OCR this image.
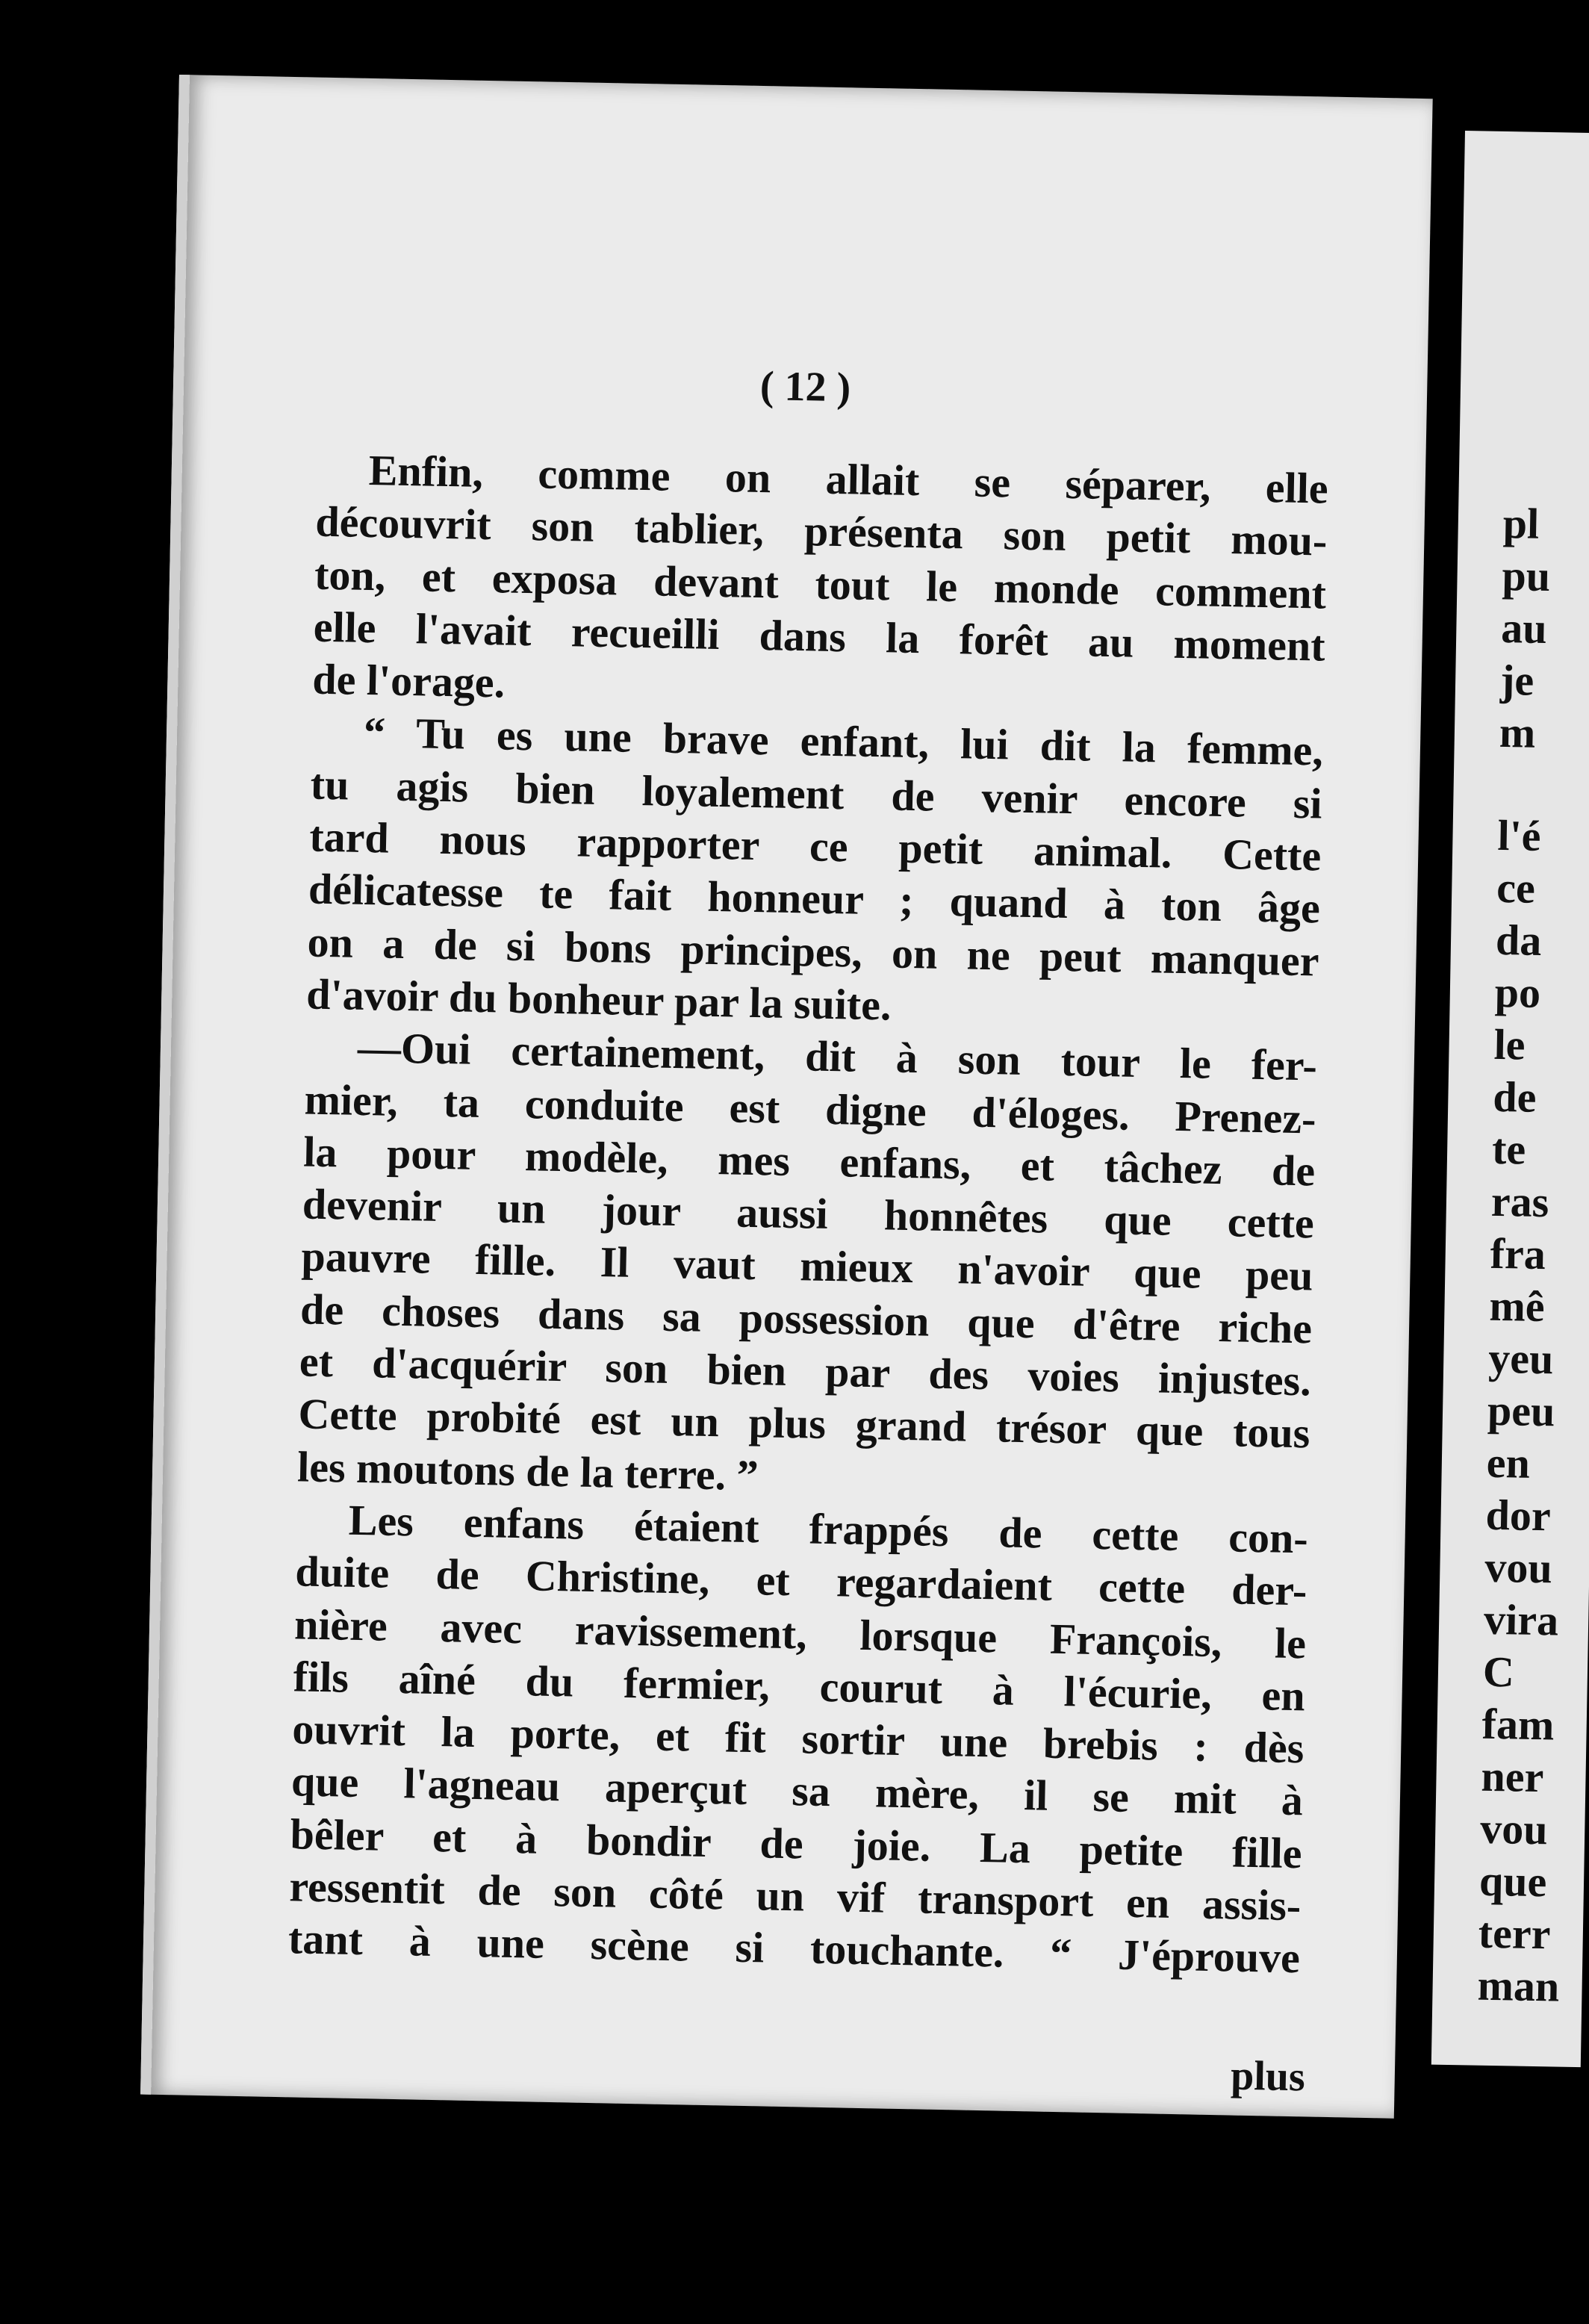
( 12 )
Enfin, comme on allait se séparer, elle
découvrit son tablier, présenta son petit mou-
ton, et exposa devant tout le monde comment
elle l'avait recueilli dans la forêt au moment
de l'orage.
“ Tu es une brave enfant, lui dit la femme,
tu agis bien loyalement de venir encore si
tard nous rapporter ce petit animal. Cette
délicatesse te fait honneur ; quand à ton âge
on a de si bons principes, on ne peut manquer
d'avoir du bonheur par la suite.
—Oui certainement, dit à son tour le fer-
mier, ta conduite est digne d'éloges. Prenez-
la pour modèle, mes enfans, et tâchez de
devenir un jour aussi honnêtes que cette
pauvre fille. Il vaut mieux n'avoir que peu
de choses dans sa possession que d'être riche
et d'acquérir son bien par des voies injustes.
Cette probité est un plus grand trésor que tous
les moutons de la terre. ”
Les enfans étaient frappés de cette con-
duite de Christine, et regardaient cette der-
nière avec ravissement, lorsque François, le
fils aîné du fermier, courut à l'écurie, en
ouvrit la porte, et fit sortir une brebis : dès
que l'agneau aperçut sa mère, il se mit à
bêler et à bondir de joie. La petite fille
ressentit de son côté un vif transport en assis-
tant à une scène si touchante. “ J'éprouve
plus
pl
pu
au
je
m
l'é
ce
da
po
le
de
te
ras
fra
mê
yeu
peu
en
dor
vou
vira
C
fam
ner
vou
que
terr
man
